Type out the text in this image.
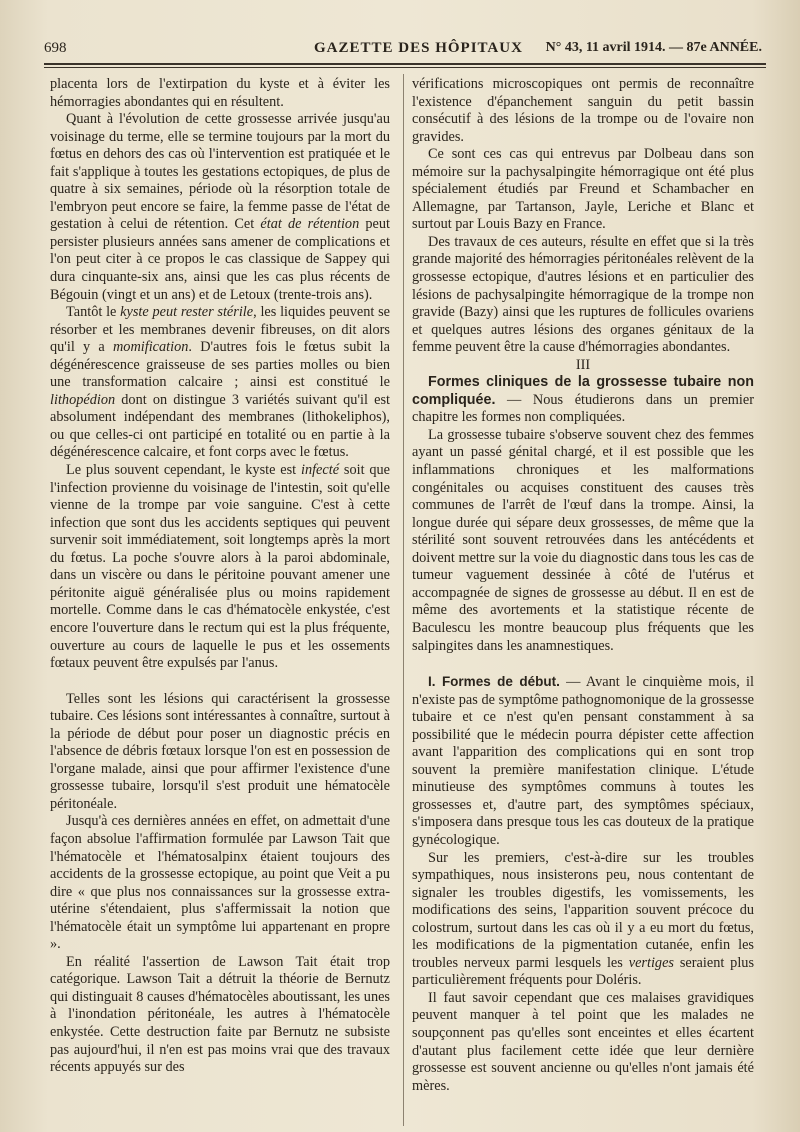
698	GAZETTE DES HÔPITAUX N° 43, 11 avril 1914. — 87e ANNÉE.

placenta lors de l'extirpation du kyste et à éviter les hémorragies abondantes qui en résultent.

Quant à l'évolution de cette grossesse arrivée jusqu'au voisinage du terme, elle se termine toujours par la mort du fœtus en dehors des cas où l'intervention est pratiquée et le fait s'applique à toutes les gestations ectopiques, de plus de quatre à six semaines, période où la résorption totale de l'embryon peut encore se faire, la femme passe de l'état de gestation à celui de rétention. Cet état de rétention peut persister plusieurs années sans amener de complications et l'on peut citer à ce propos le cas classique de Sappey qui dura cinquante-six ans, ainsi que les cas plus récents de Bégouin (vingt et un ans) et de Letoux (trente-trois ans).

Tantôt le kyste peut rester stérile, les liquides peuvent se résorber et les membranes devenir fibreuses, on dit alors qu'il y a momification. D'autres fois le fœtus subit la dégénérescence graisseuse de ses parties molles ou bien une transformation calcaire ; ainsi est constitué le lithopédion dont on distingue 3 variétés suivant qu'il est absolument indépendant des membranes (lithokeliphos), ou que celles-ci ont participé en totalité ou en partie à la dégénérescence calcaire, et font corps avec le fœtus.

Le plus souvent cependant, le kyste est infecté soit que l'infection provienne du voisinage de l'intestin, soit qu'elle vienne de la trompe par voie sanguine. C'est à cette infection que sont dus les accidents septiques qui peuvent survenir soit immédiatement, soit longtemps après la mort du fœtus. La poche s'ouvre alors à la paroi abdominale, dans un viscère ou dans le péritoine pouvant amener une péritonite aiguë généralisée plus ou moins rapidement mortelle. Comme dans le cas d'hématocèle enkystée, c'est encore l'ouverture dans le rectum qui est la plus fréquente, ouverture au cours de laquelle le pus et les ossements fœtaux peuvent être expulsés par l'anus.

Telles sont les lésions qui caractérisent la grossesse tubaire. Ces lésions sont intéressantes à connaître, surtout à la période de début pour poser un diagnostic précis en l'absence de débris fœtaux lorsque l'on est en possession de l'organe malade, ainsi que pour affirmer l'existence d'une grossesse tubaire, lorsqu'il s'est produit une hématocèle péritonéale.

Jusqu'à ces dernières années en effet, on admettait d'une façon absolue l'affirmation formulée par Lawson Tait que l'hématocèle et l'hématosalpinx étaient toujours des accidents de la grossesse ectopique, au point que Veit a pu dire « que plus nos connaissances sur la grossesse extra-utérine s'étendaient, plus s'affermissait la notion que l'hématocèle était un symptôme lui appartenant en propre ».

En réalité l'assertion de Lawson Tait était trop catégorique. Lawson Tait a détruit la théorie de Bernutz qui distinguait 8 causes d'hématocèles aboutissant, les unes à l'inondation péritonéale, les autres à l'hématocèle enkystée. Cette destruction faite par Bernutz ne subsiste pas aujourd'hui, il n'en est pas moins vrai que des travaux récents appuyés sur des

vérifications microscopiques ont permis de reconnaître l'existence d'épanchement sanguin du petit bassin consécutif à des lésions de la trompe ou de l'ovaire non gravides.

Ce sont ces cas qui entrevus par Dolbeau dans son mémoire sur la pachysalpingite hémorragique ont été plus spécialement étudiés par Freund et Schambacher en Allemagne, par Tartanson, Jayle, Leriche et Blanc et surtout par Louis Bazy en France.

Des travaux de ces auteurs, résulte en effet que si la très grande majorité des hémorragies péritonéales relèvent de la grossesse ectopique, d'autres lésions et en particulier des lésions de pachysalpingite hémorragique de la trompe non gravide (Bazy) ainsi que les ruptures de follicules ovariens et quelques autres lésions des organes génitaux de la femme peuvent être la cause d'hémorragies abondantes.

III

Formes cliniques de la grossesse tubaire non compliquée. — Nous étudierons dans un premier chapitre les formes non compliquées.

La grossesse tubaire s'observe souvent chez des femmes ayant un passé génital chargé, et il est possible que les inflammations chroniques et les malformations congénitales ou acquises constituent des causes très communes de l'arrêt de l'œuf dans la trompe. Ainsi, la longue durée qui sépare deux grossesses, de même que la stérilité sont souvent retrouvées dans les antécédents et doivent mettre sur la voie du diagnostic dans tous les cas de tumeur vaguement dessinée à côté de l'utérus et accompagnée de signes de grossesse au début. Il en est de même des avortements et la statistique récente de Baculescu les montre beaucoup plus fréquents que les salpingites dans les anamnestiques.

I. Formes de début. — Avant le cinquième mois, il n'existe pas de symptôme pathognomonique de la grossesse tubaire et ce n'est qu'en pensant constamment à sa possibilité que le médecin pourra dépister cette affection avant l'apparition des complications qui en sont trop souvent la première manifestation clinique. L'étude minutieuse des symptômes communs à toutes les grossesses et, d'autre part, des symptômes spéciaux, s'imposera dans presque tous les cas douteux de la pratique gynécologique.

Sur les premiers, c'est-à-dire sur les troubles sympathiques, nous insisterons peu, nous contentant de signaler les troubles digestifs, les vomissements, les modifications des seins, l'apparition souvent précoce du colostrum, surtout dans les cas où il y a eu mort du fœtus, les modifications de la pigmentation cutanée, enfin les troubles nerveux parmi lesquels les vertiges seraient plus particulièrement fréquents pour Doléris.

Il faut savoir cependant que ces malaises gravidiques peuvent manquer à tel point que les malades ne soupçonnent pas qu'elles sont enceintes et elles écartent d'autant plus facilement cette idée que leur dernière grossesse est souvent ancienne ou qu'elles n'ont jamais été mères.
